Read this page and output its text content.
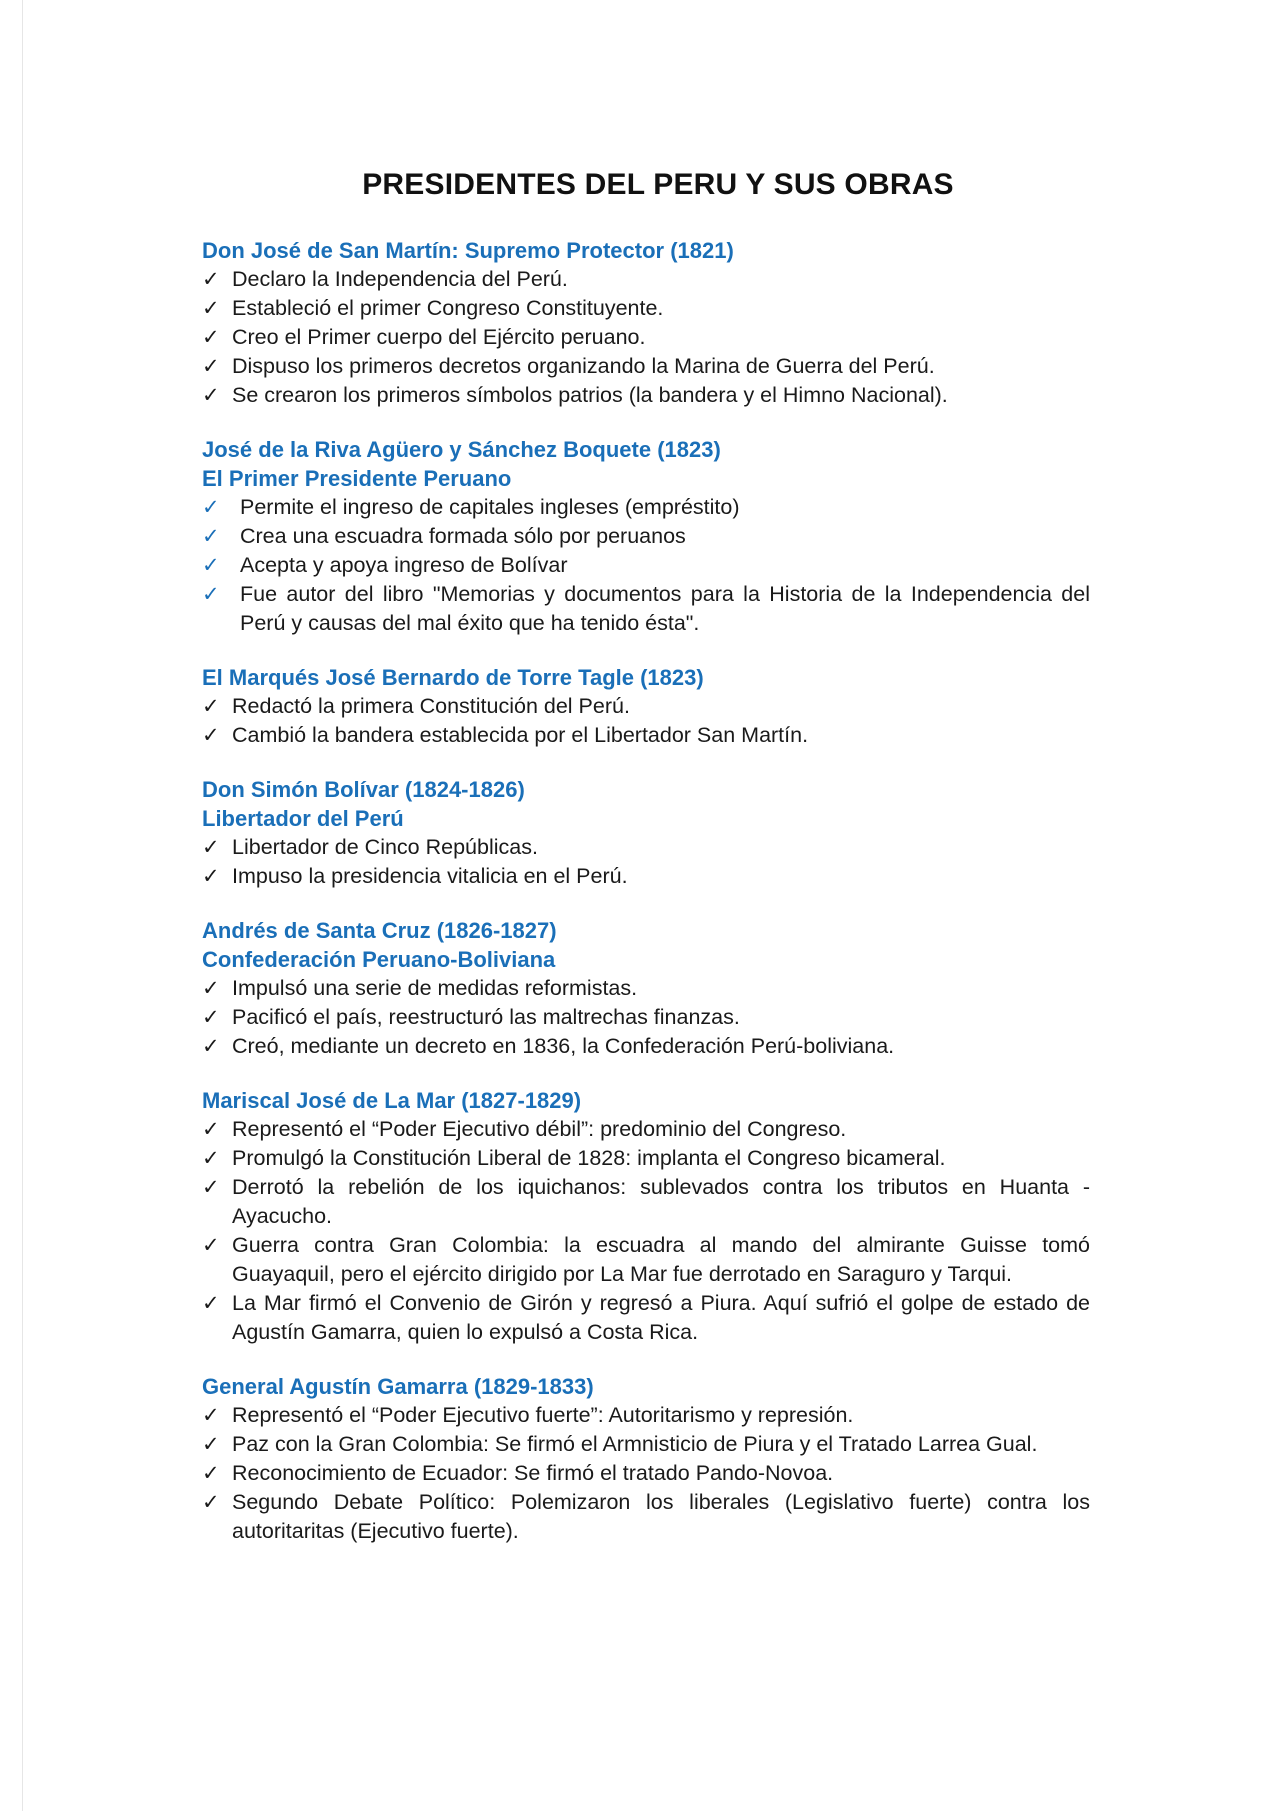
PRESIDENTES DEL PERU Y SUS OBRAS
Don José de San Martín: Supremo Protector (1821)
✓ Declaro la Independencia del Perú.
✓ Estableció el primer Congreso Constituyente.
✓ Creo el Primer cuerpo del Ejército peruano.
✓ Dispuso los primeros decretos organizando la Marina de Guerra del Perú.
✓ Se crearon los primeros símbolos patrios (la bandera y el Himno Nacional).
José de la Riva Agüero y Sánchez Boquete (1823)
El Primer Presidente Peruano
✓ Permite el ingreso de capitales ingleses (empréstito)
✓ Crea una escuadra formada sólo por peruanos
✓ Acepta y apoya ingreso de Bolívar
✓ Fue autor del libro "Memorias y documentos para la Historia de la Independencia del Perú y causas del mal éxito que ha tenido ésta".
El Marqués José Bernardo de Torre Tagle (1823)
✓ Redactó la primera Constitución del Perú.
✓ Cambió la bandera establecida por el Libertador San Martín.
Don Simón Bolívar (1824-1826)
Libertador del Perú
✓ Libertador de Cinco Repúblicas.
✓ Impuso la presidencia vitalicia en el Perú.
Andrés de Santa Cruz (1826-1827)
Confederación Peruano-Boliviana
✓ Impulsó una serie de medidas reformistas.
✓ Pacificó el país, reestructuró las maltrechas finanzas.
✓ Creó, mediante un decreto en 1836, la Confederación Perú-boliviana.
Mariscal José de La Mar (1827-1829)
✓ Representó el “Poder Ejecutivo débil”: predominio del Congreso.
✓ Promulgó la Constitución Liberal de 1828: implanta el Congreso bicameral.
✓ Derrotó la rebelión de los iquichanos: sublevados contra los tributos en Huanta -Ayacucho.
✓ Guerra contra Gran Colombia: la escuadra al mando del almirante Guisse tomó Guayaquil, pero el ejército dirigido por La Mar fue derrotado en Saraguro y Tarqui.
✓ La Mar firmó el Convenio de Girón y regresó a Piura. Aquí sufrió el golpe de estado de Agustín Gamarra, quien lo expulsó a Costa Rica.
General Agustín Gamarra (1829-1833)
✓ Representó el “Poder Ejecutivo fuerte”: Autoritarismo y represión.
✓ Paz con la Gran Colombia: Se firmó el Armnisticio de Piura y el Tratado Larrea Gual.
✓ Reconocimiento de Ecuador: Se firmó el tratado Pando-Novoa.
✓ Segundo Debate Político: Polemizaron los liberales (Legislativo fuerte) contra los autoritaritas (Ejecutivo fuerte).
